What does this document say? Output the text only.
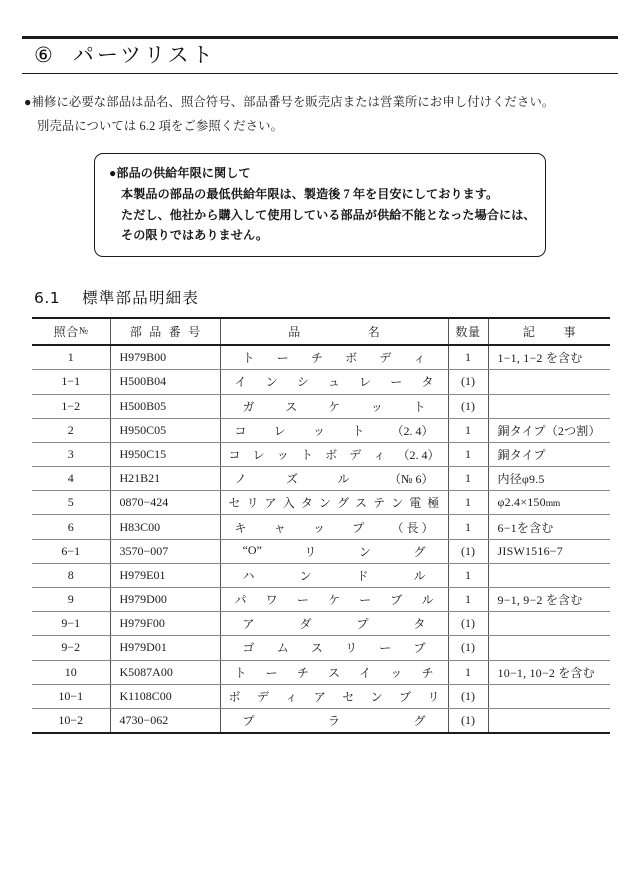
⑥ パーツリスト
●補修に必要な部品は品名、照合符号、部品番号を販売店または営業所にお申し付けください。
別売品については 6.2 項をご参照ください。
●部品の供給年限に関して
本製品の部品の最低供給年限は、製造後 7 年を目安にしております。
ただし、他社から購入して使用している部品が供給不能となった場合には、
その限りではありません。
6.1 標準部品明細表
照合№	部 品 番 号	品 名	数量	記 事

1	H979B00	ト ー チ ボ デ ィ	1	1−1, 1−2 を含む

1−1	H500B04	イ ン シ ュ レ ー タ	(1)	

1−2	H500B05	ガ ス ケ ッ ト	(1)	

2	H950C05	コ レ ッ ト （2. 4）	1	銅タイプ（2つ割）

3	H950C15	コ レ ッ ト ボ デ ィ （2. 4）	1	銅タイプ

4	H21B21	ノ ズ ル （№ 6）	1	内径φ9.5

5	0870−424	セ リ ア 入 タ ン グ ス テ ン 電 極	1	φ2.4×150mm

6	H83C00	キ ャ ッ プ （ 長 ）	1	6−1を含む

6−1	3570−007	“O” リ ン グ	(1)	JISW1516−7

8	H979E01	ハ ン ド ル	1	

9	H979D00	パ ワ ー ケ ー ブ ル	1	9−1, 9−2 を含む

9−1	H979F00	ア ダ プ タ	(1)	

9−2	H979D01	ゴ ム ス リ ー ブ	(1)	

10	K5087A00	ト ー チ ス イ ッ チ	1	10−1, 10−2 を含む

10−1	K1108C00	ボ デ ィ ア セ ン ブ リ	(1)	

10−2	4730−062	プ ラ グ	(1)	
